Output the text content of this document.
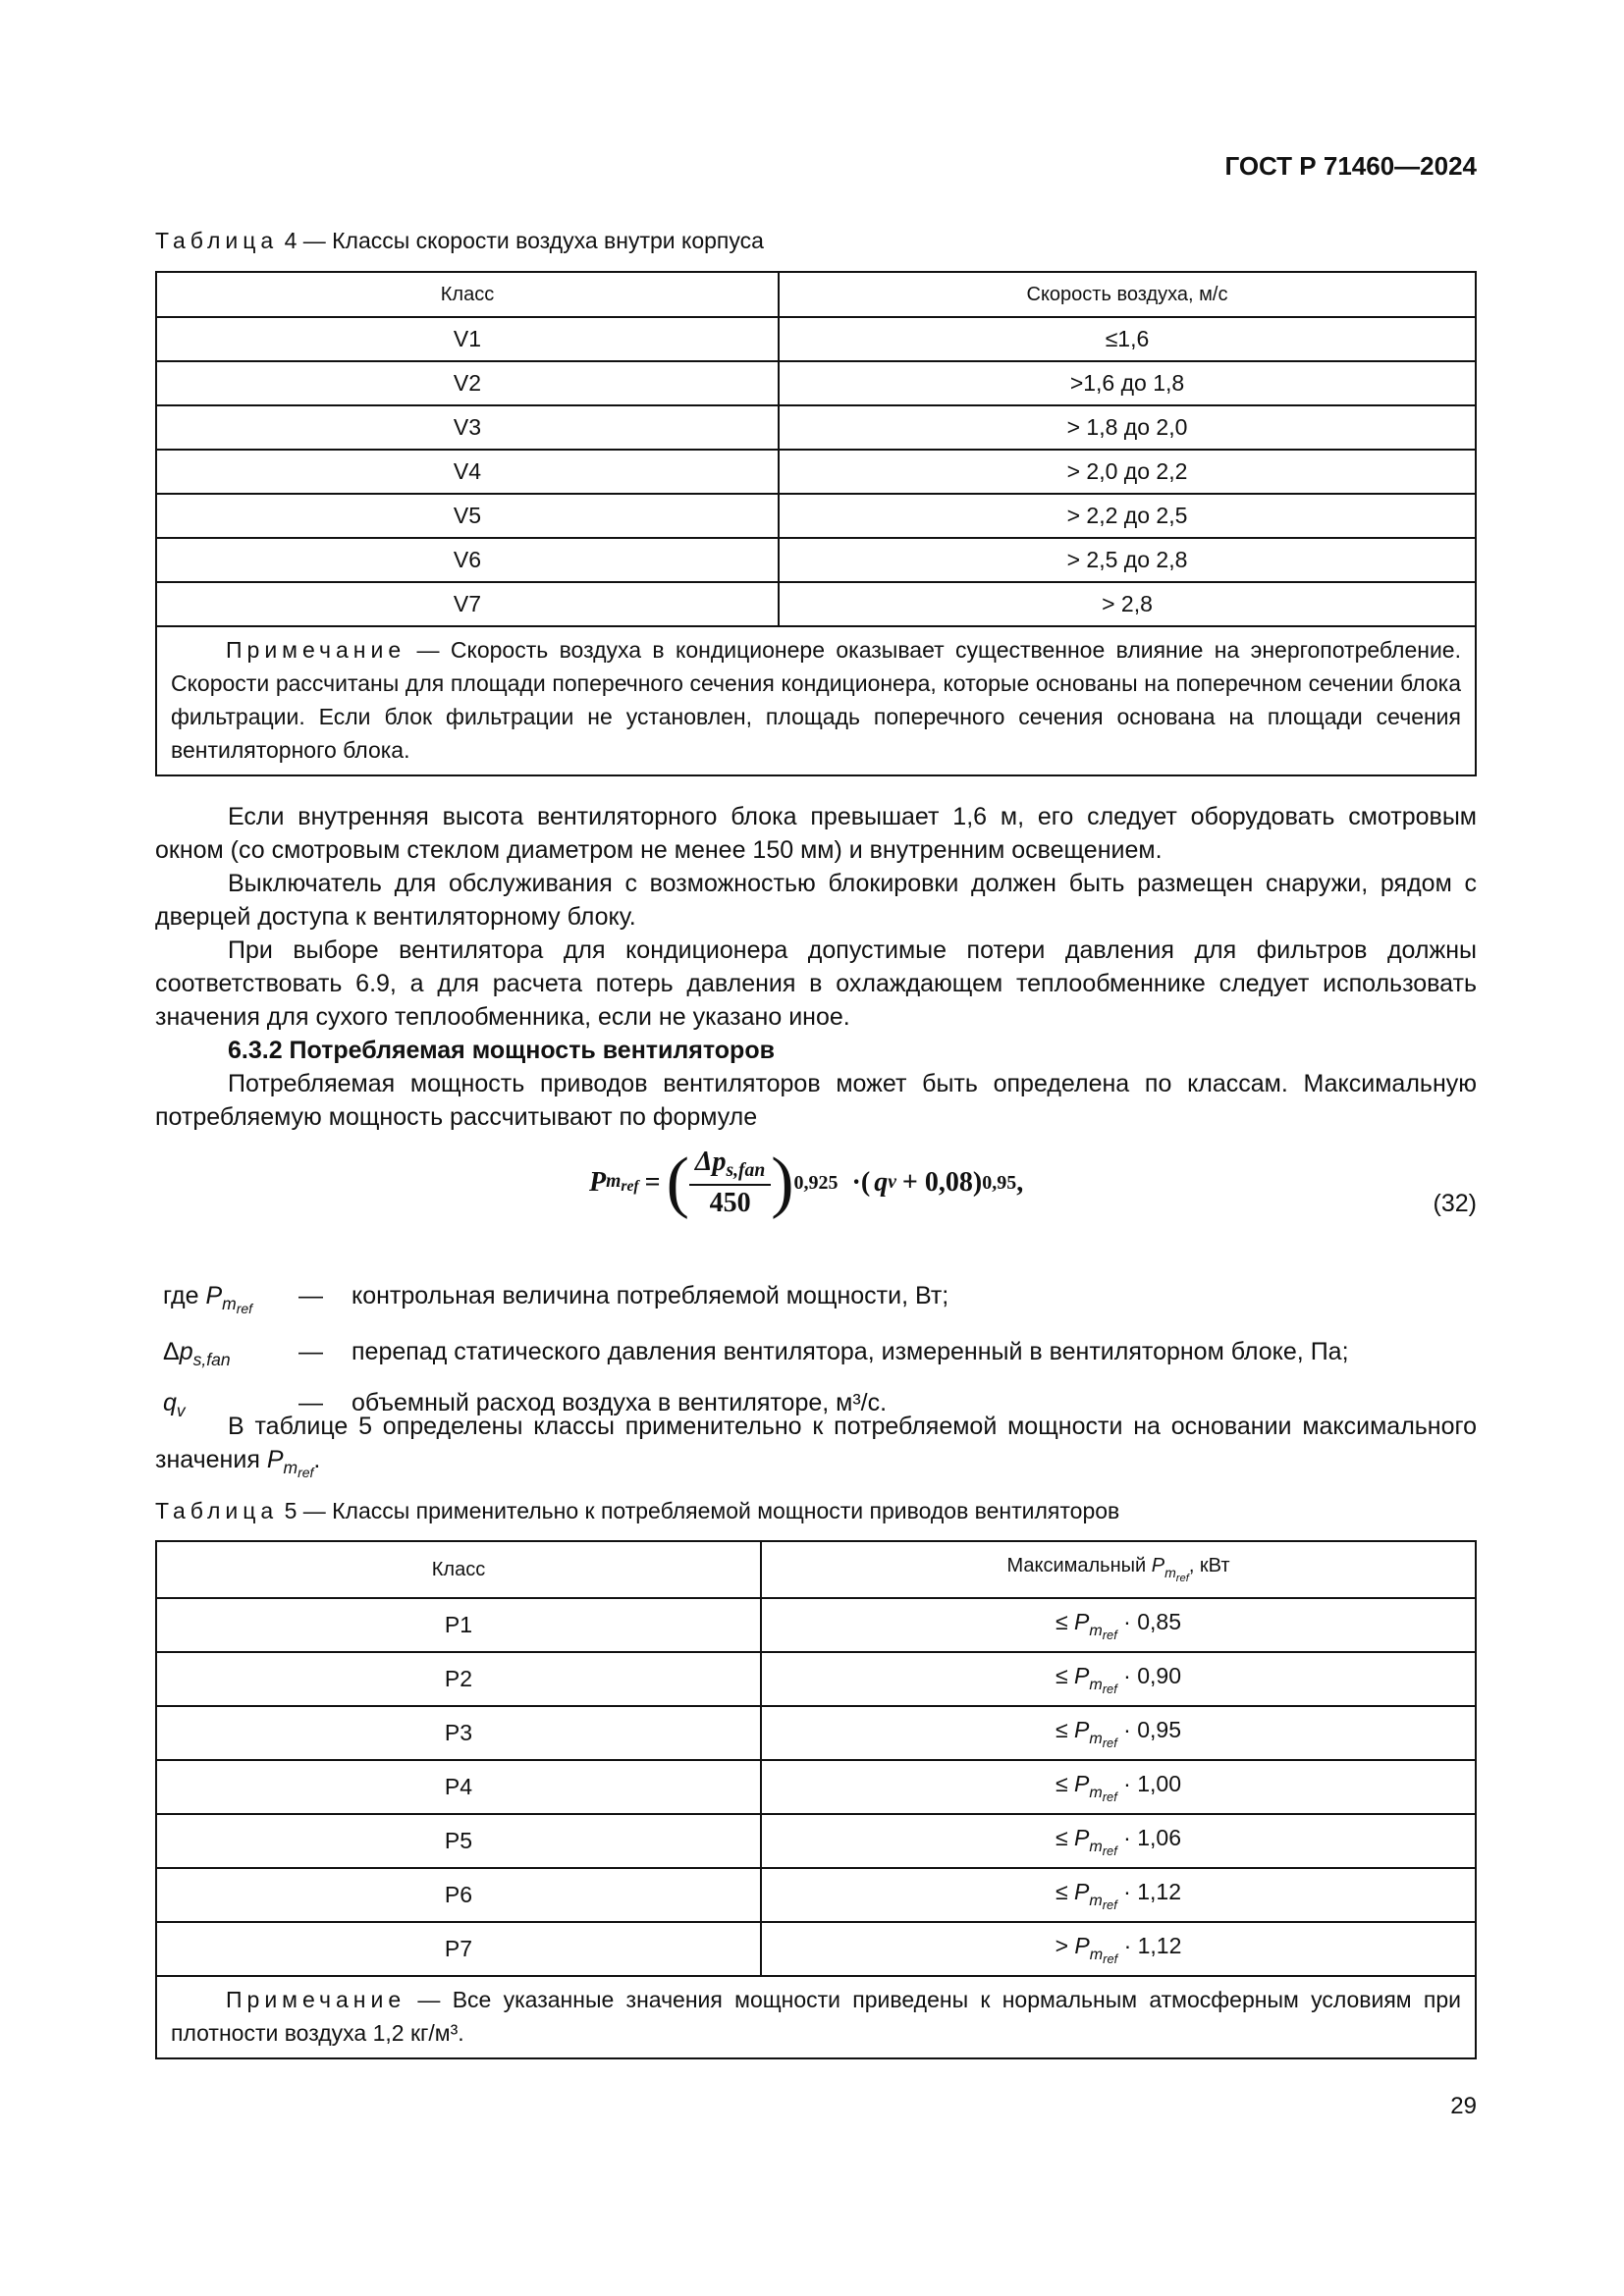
ГОСТ Р 71460—2024
Таблица 4 — Классы скорости воздуха внутри корпуса
Класс	Скорость воздуха, м/с
V1	≤1,6
V2	>1,6 до 1,8
V3	> 1,8 до 2,0
V4	> 2,0 до 2,2
V5	> 2,2 до 2,5
V6	> 2,5 до 2,8
V7	> 2,8
Примечание — Скорость воздуха в кондиционере оказывает существенное влияние на энергопотребление. Скорости рассчитаны для площади поперечного сечения кондиционера, которые основаны на поперечном сечении блока фильтрации. Если блок фильтрации не установлен, площадь поперечного сечения основана на площади сечения вентиляторного блока.	

Если внутренняя высота вентиляторного блока превышает 1,6 м, его следует оборудовать смотровым окном (со смотровым стеклом диаметром не менее 150 мм) и внутренним освещением.

Выключатель для обслуживания с возможностью блокировки должен быть размещен снаружи, рядом с дверцей доступа к вентиляторному блоку.

При выборе вентилятора для кондиционера допустимые потери давления для фильтров должны соответствовать 6.9, а для расчета потерь давления в охлаждающем теплообменнике следует использовать значения для сухого теплообменника, если не указано иное.

6.3.2 Потребляемая мощность вентиляторов

Потребляемая мощность приводов вентиляторов может быть определена по классам. Максимальную потребляемую мощность рассчитывают по формуле

P $m_{ref}$ = ( $\frac{\Delta p_{s,fan}}{450}$ ) 0,925 ·( q v + 0,08) 0,95 ,
(32)
где $P_{m_{ref}}$	—	контрольная величина потребляемой мощности, Вт;
$\Delta p_{s,fan}$	—	перепад статического давления вентилятора, измеренный в вентиляторном блоке, Па;
$q_v$	—	объемный расход воздуха в вентиляторе, м³/с.

В таблице 5 определены классы применительно к потребляемой мощности на основании максимального значения $P_{m_{ref}}$.

Таблица 5 — Классы применительно к потребляемой мощности приводов вентиляторов
Класс	Максимальный $P_{m_{ref}}$, кВт
P1	≤ $P_{m_{ref}} \cdot 0,85$
P2	≤ $P_{m_{ref}} \cdot 0,90$
P3	≤ $P_{m_{ref}} \cdot 0,95$
P4	≤ $P_{m_{ref}} \cdot 1,00$
P5	≤ $P_{m_{ref}} \cdot 1,06$
P6	≤ $P_{m_{ref}} \cdot 1,12$
P7	> $P_{m_{ref}} \cdot 1,12$
Примечание — Все указанные значения мощности приведены к нормальным атмосферным условиям при плотности воздуха 1,2 кг/м³.	
29
